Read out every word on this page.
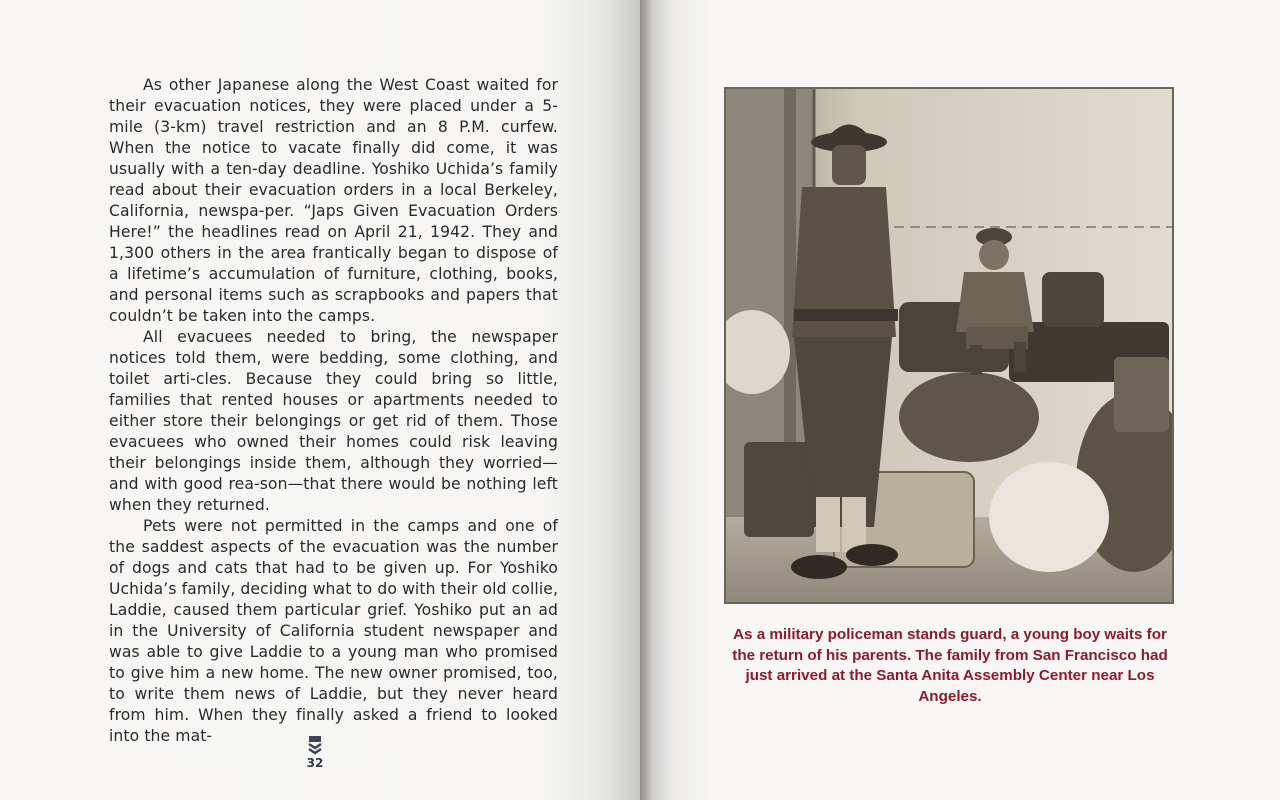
As other Japanese along the West Coast waited for their evacuation notices, they were placed under a 5-mile (3-km) travel restriction and an 8 P.M. curfew. When the notice to vacate finally did come, it was usually with a ten-day deadline. Yoshiko Uchida’s family read about their evacuation orders in a local Berkeley, California, newspa-per. “Japs Given Evacuation Orders Here!” the headlines read on April 21, 1942. They and 1,300 others in the area frantically began to dispose of a lifetime’s accumulation of furniture, clothing, books, and personal items such as scrapbooks and papers that couldn’t be taken into the camps.

All evacuees needed to bring, the newspaper notices told them, were bedding, some clothing, and toilet arti-cles. Because they could bring so little, families that rented houses or apartments needed to either store their belongings or get rid of them. Those evacuees who owned their homes could risk leaving their belongings inside them, although they worried—and with good rea-son—that there would be nothing left when they returned.

Pets were not permitted in the camps and one of the saddest aspects of the evacuation was the number of dogs and cats that had to be given up. For Yoshiko Uchida’s family, deciding what to do with their old collie, Laddie, caused them particular grief. Yoshiko put an ad in the University of California student newspaper and was able to give Laddie to a young man who promised to give him a new home. The new owner promised, too, to write them news of Laddie, but they never heard from him. When they finally asked a friend to looked into the mat-

32
As a military policeman stands guard, a young boy waits for the return of his parents. The family from San Francisco had just arrived at the Santa Anita Assembly Center near Los Angeles.
